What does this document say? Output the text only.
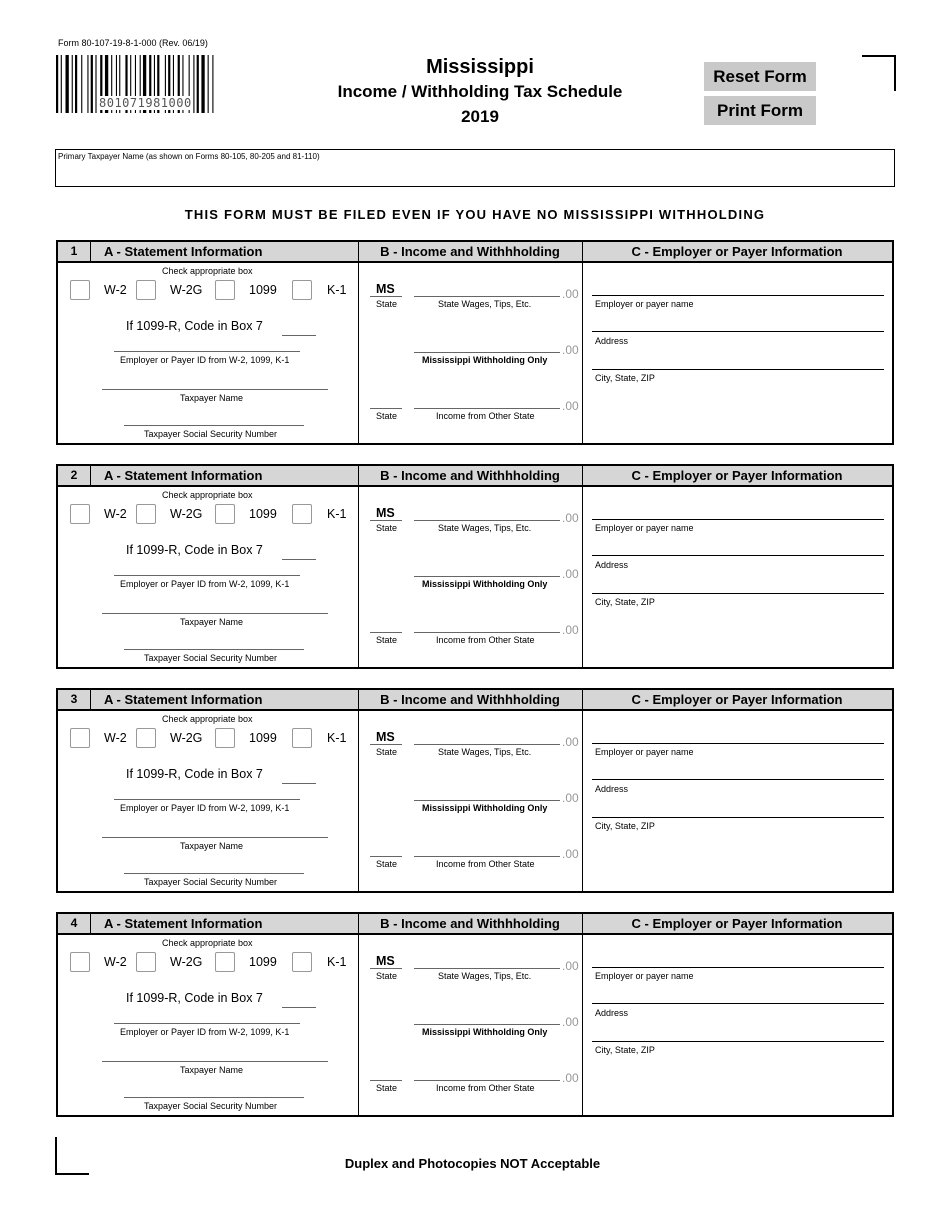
Form 80-107-19-8-1-000 (Rev. 06/19)
801071981000
Mississippi
Income / Withholding Tax Schedule
2019
Reset Form
Print Form
Primary Taxpayer Name (as shown on Forms 80-105, 80-205 and 81-110)
THIS FORM MUST BE FILED EVEN IF YOU HAVE NO MISSISSIPPI WITHHOLDING
1	A - Statement Information	B - Income and Withhholding	C - Employer or Payer Information
Check appropriate box
W-2	W-2G	1099	K-1
If 1099-R, Code in Box 7
Employer or Payer ID from W-2, 1099, K-1
Taxpayer Name
Taxpayer Social Security Number
MS
State
.00
State Wages, Tips, Etc.
.00
Mississippi Withholding Only
State
.00
Income from Other State
Employer or payer name
Address
City, State, ZIP
2	A - Statement Information	B - Income and Withhholding	C - Employer or Payer Information
Check appropriate box
W-2	W-2G	1099	K-1
If 1099-R, Code in Box 7
Employer or Payer ID from W-2, 1099, K-1
Taxpayer Name
Taxpayer Social Security Number
MS
State
.00
State Wages, Tips, Etc.
.00
Mississippi Withholding Only
State
.00
Income from Other State
Employer or payer name
Address
City, State, ZIP
3	A - Statement Information	B - Income and Withhholding	C - Employer or Payer Information
Check appropriate box
W-2	W-2G	1099	K-1
If 1099-R, Code in Box 7
Employer or Payer ID from W-2, 1099, K-1
Taxpayer Name
Taxpayer Social Security Number
MS
State
.00
State Wages, Tips, Etc.
.00
Mississippi Withholding Only
State
.00
Income from Other State
Employer or payer name
Address
City, State, ZIP
4	A - Statement Information	B - Income and Withhholding	C - Employer or Payer Information
Check appropriate box
W-2	W-2G	1099	K-1
If 1099-R, Code in Box 7
Employer or Payer ID from W-2, 1099, K-1
Taxpayer Name
Taxpayer Social Security Number
MS
State
.00
State Wages, Tips, Etc.
.00
Mississippi Withholding Only
State
.00
Income from Other State
Employer or payer name
Address
City, State, ZIP
Duplex and Photocopies NOT Acceptable
